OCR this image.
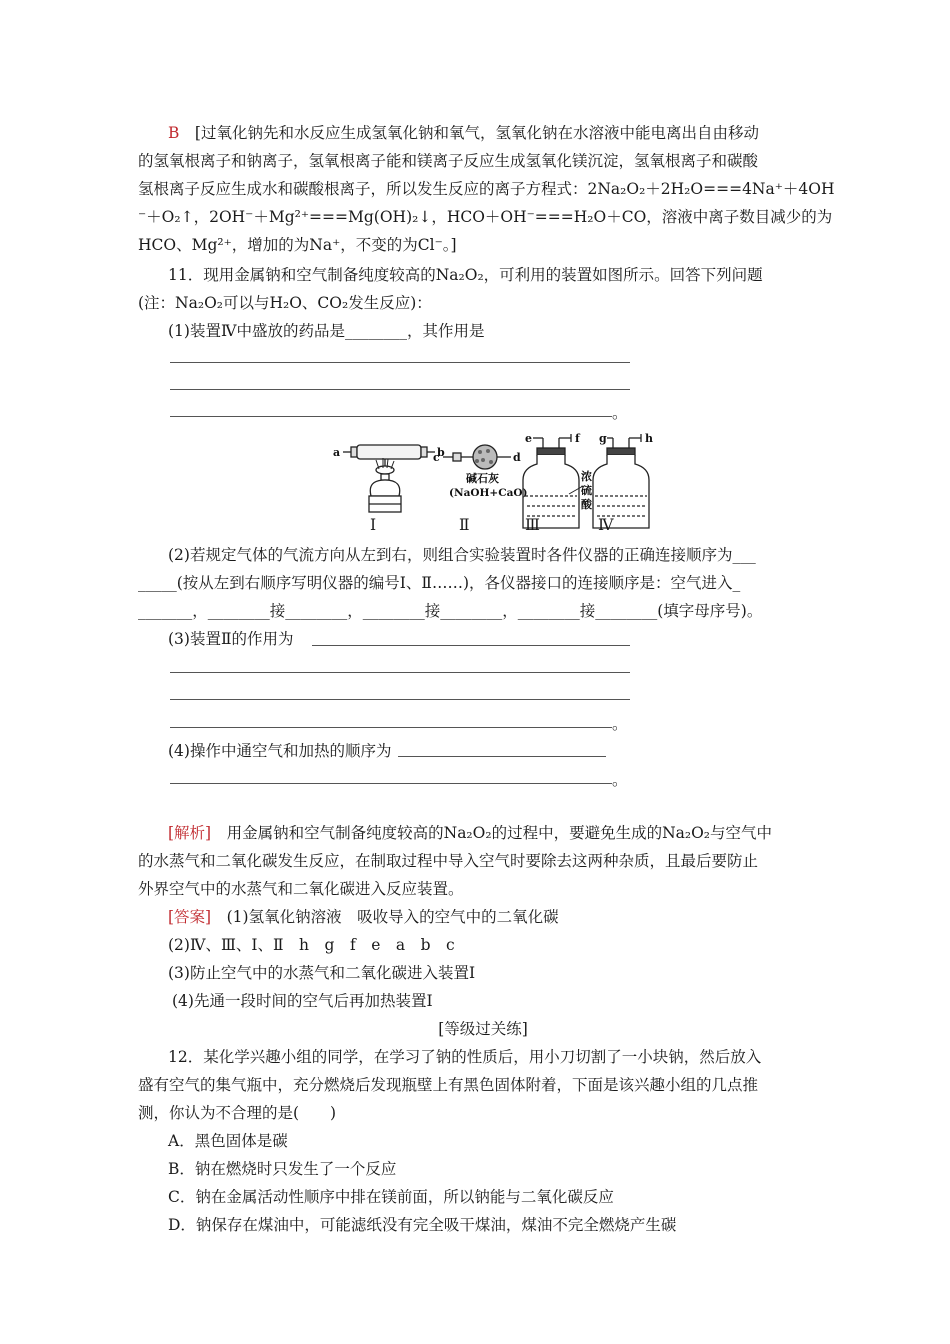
B　 [过氧化钠先和水反应生成氢氧化钠和氧气，氢氧化钠在水溶液中能电离出自由移动
的氢氧根离子和钠离子，氢氧根离子能和镁离子反应生成氢氧化镁沉淀，氢氧根离子和碳酸
氢根离子反应生成水和碳酸根离子，所以发生反应的离子方程式：2Na₂O₂＋2H₂O===4Na⁺＋4OH
⁻＋O₂↑，2OH⁻＋Mg²⁺===Mg(OH)₂↓，HCO＋OH⁻===H₂O＋CO，溶液中离子数目减少的为
HCO、Mg²⁺，增加的为Na⁺，不变的为Cl⁻。]
11．现用金属钠和空气制备纯度较高的Na₂O₂，可利用的装置如图所示。回答下列问题
(注：Na₂O₂可以与H₂O、CO₂发生反应)：
(1)装置Ⅳ中盛放的药品是________，其作用是
。
a	b
c	d
e	f g	h
碱石灰
(NaOH+CaO)
浓
硫
酸
Ⅰ	Ⅱ	Ⅲ	Ⅳ
(2)若规定气体的气流方向从左到右，则组合实验装置时各件仪器的正确连接顺序为___
_____(按从左到右顺序写明仪器的编号Ⅰ、Ⅱ……)，各仪器接口的连接顺序是：空气进入_
_______，________接________，________接________，________接________(填字母序号)。
(3)装置Ⅱ的作用为
。
(4)操作中通空气和加热的顺序为
。
[解析]　 用金属钠和空气制备纯度较高的Na₂O₂的过程中，要避免生成的Na₂O₂与空气中
的水蒸气和二氧化碳发生反应，在制取过程中导入空气时要除去这两种杂质，且最后要防止
外界空气中的水蒸气和二氧化碳进入反应装置。
[答案]　 (1)氢氧化钠溶液　吸收导入的空气中的二氧化碳
(2)Ⅳ、Ⅲ、Ⅰ、Ⅱ　h　g　f　e　a　b　c
(3)防止空气中的水蒸气和二氧化碳进入装置Ⅰ
(4)先通一段时间的空气后再加热装置Ⅰ
[等级过关练]
12．某化学兴趣小组的同学，在学习了钠的性质后，用小刀切割了一小块钠，然后放入
盛有空气的集气瓶中，充分燃烧后发现瓶壁上有黑色固体附着，下面是该兴趣小组的几点推
测，你认为不合理的是(　　)
A．黑色固体是碳
B．钠在燃烧时只发生了一个反应
C．钠在金属活动性顺序中排在镁前面，所以钠能与二氧化碳反应
D．钠保存在煤油中，可能滤纸没有完全吸干煤油，煤油不完全燃烧产生碳
